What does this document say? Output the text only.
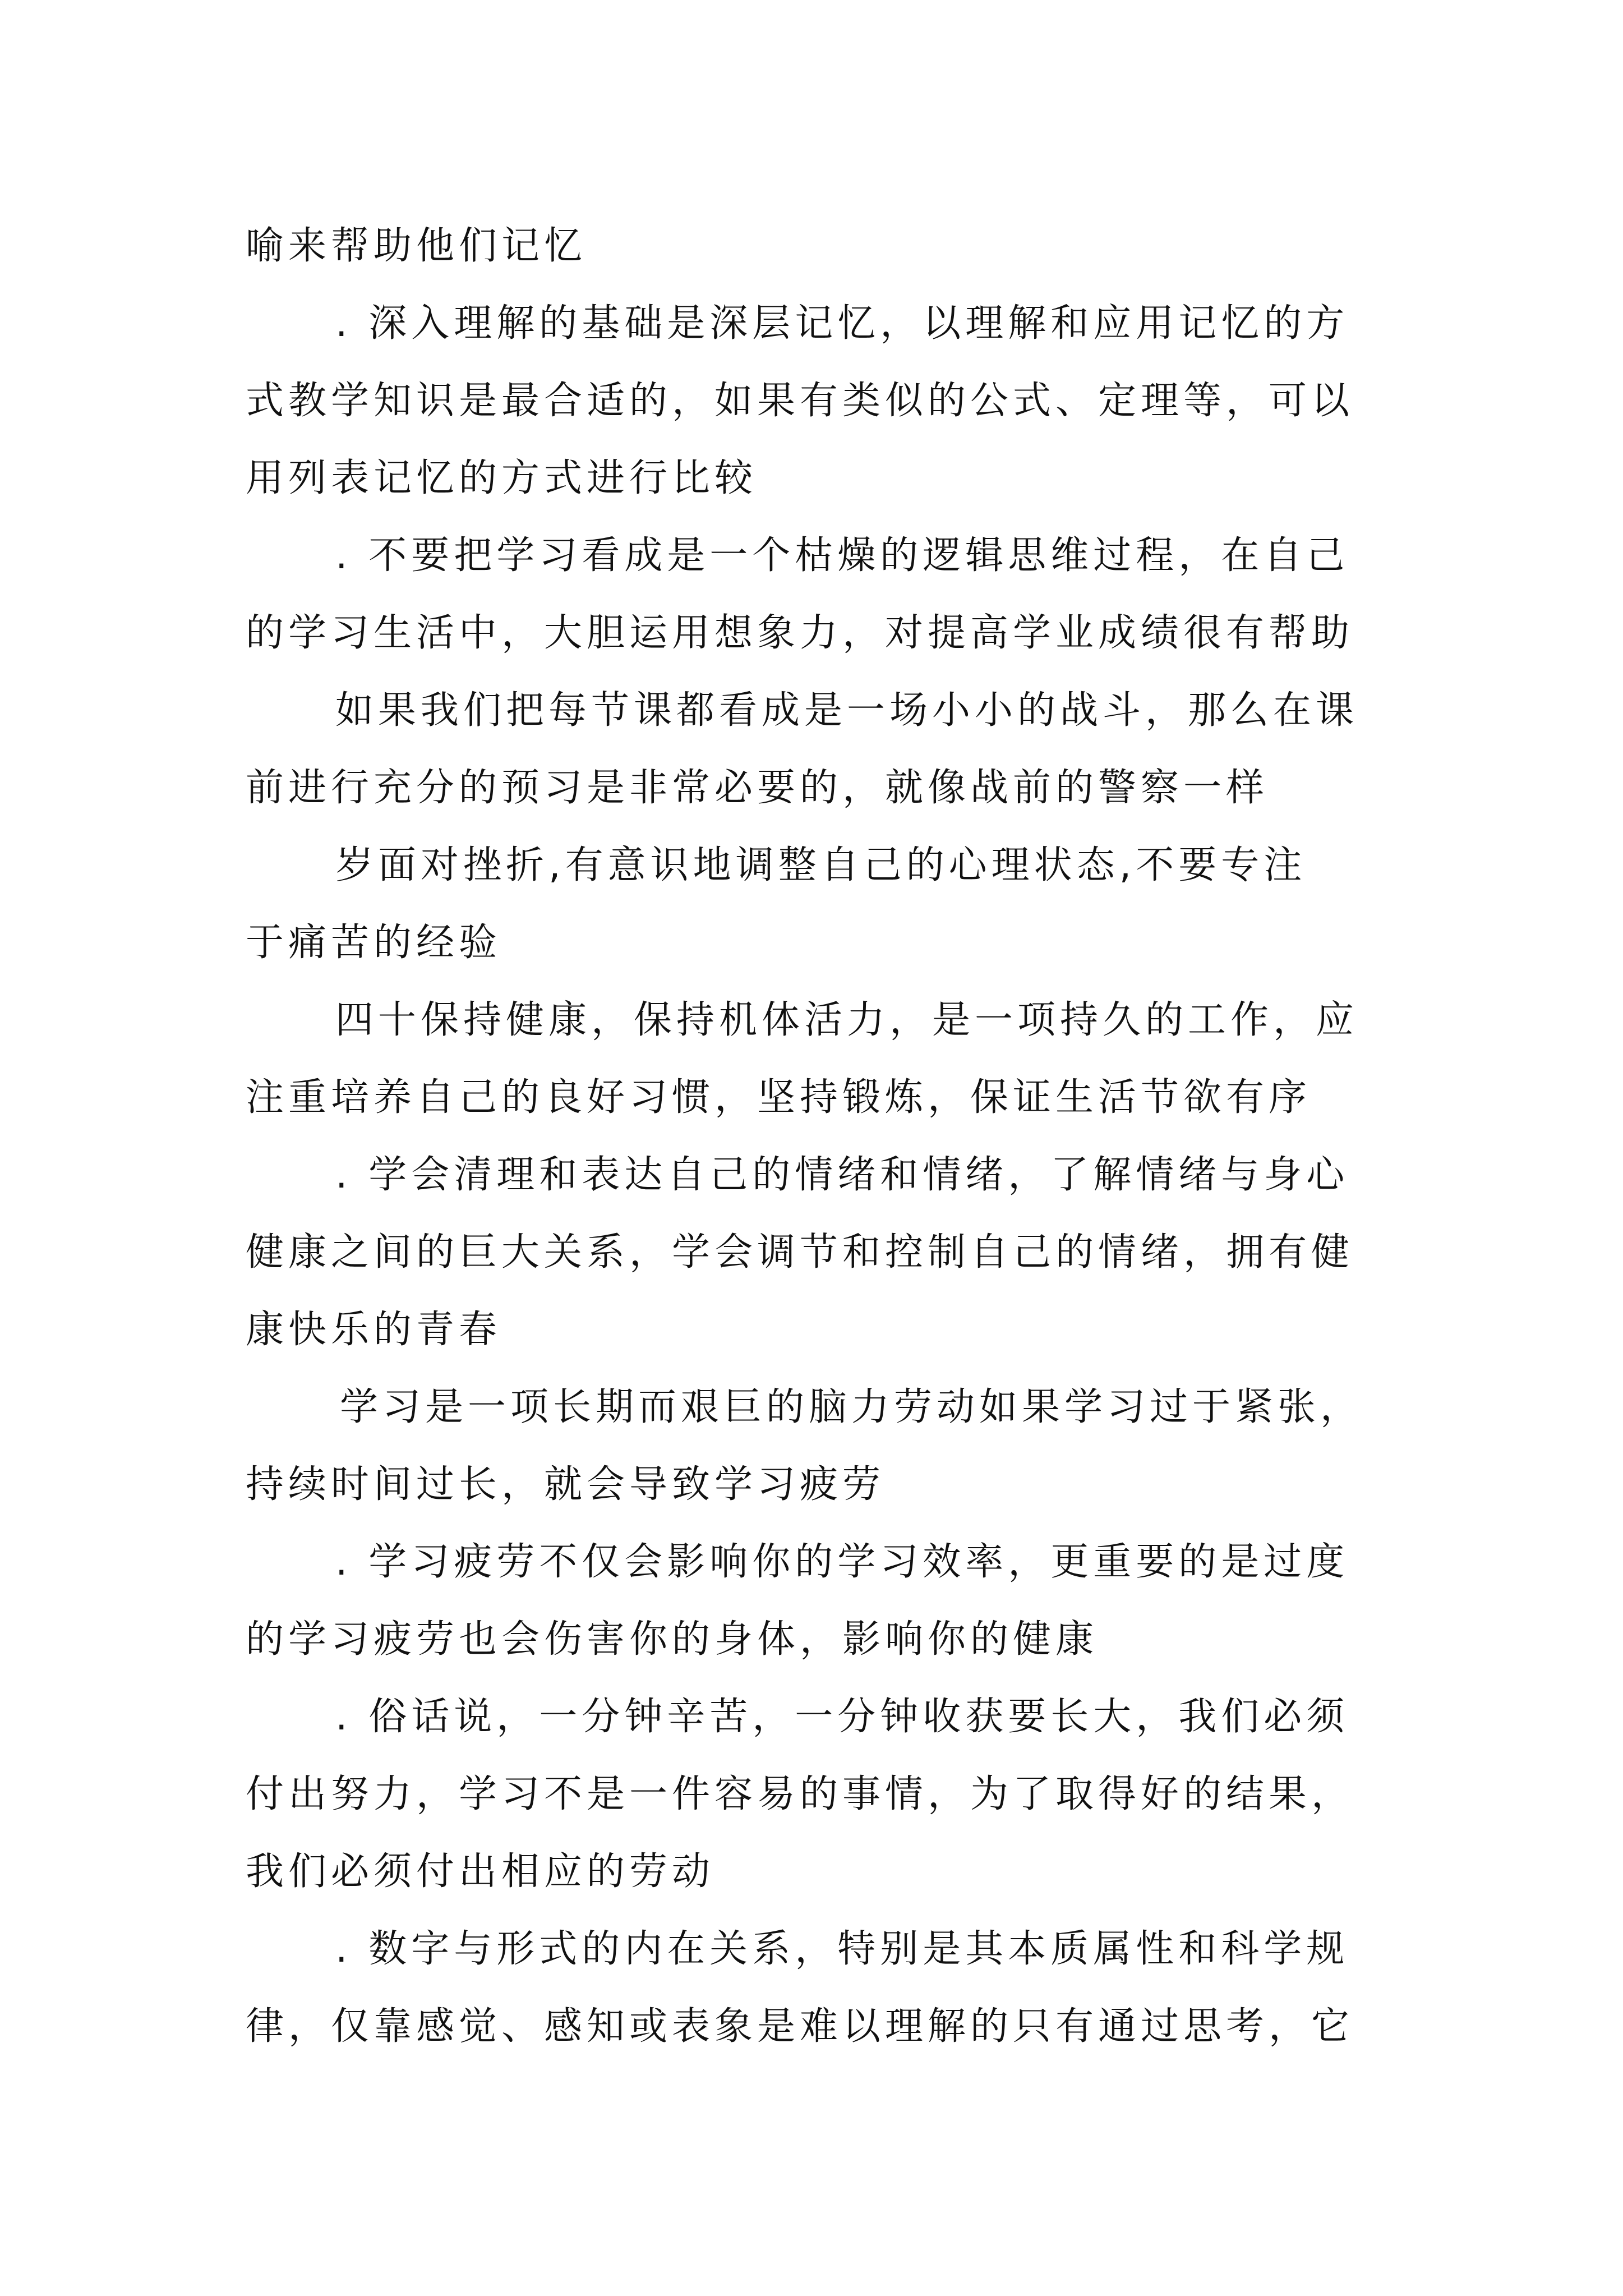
喻来帮助他们记忆

. 深入理解的基础是深层记忆，以理解和应用记忆的方
式教学知识是最合适的，如果有类似的公式、定理等，可以
用列表记忆的方式进行比较

. 不要把学习看成是一个枯燥的逻辑思维过程，在自己
的学习生活中，大胆运用想象力，对提高学业成绩很有帮助

如果我们把每节课都看成是一场小小的战斗，那么在课
前进行充分的预习是非常必要的，就像战前的警察一样

岁面对挫折,有意识地调整自己的心理状态,不要专注
于痛苦的经验

四十保持健康，保持机体活力，是一项持久的工作，应
注重培养自己的良好习惯，坚持锻炼，保证生活节欲有序

. 学会清理和表达自己的情绪和情绪，了解情绪与身心
健康之间的巨大关系，学会调节和控制自己的情绪，拥有健
康快乐的青春

学习是一项长期而艰巨的脑力劳动如果学习过于紧张，
持续时间过长，就会导致学习疲劳

. 学习疲劳不仅会影响你的学习效率，更重要的是过度
的学习疲劳也会伤害你的身体，影响你的健康

. 俗话说，一分钟辛苦，一分钟收获要长大，我们必须
付出努力，学习不是一件容易的事情，为了取得好的结果，
我们必须付出相应的劳动

. 数字与形式的内在关系，特别是其本质属性和科学规
律，仅靠感觉、感知或表象是难以理解的只有通过思考，它
